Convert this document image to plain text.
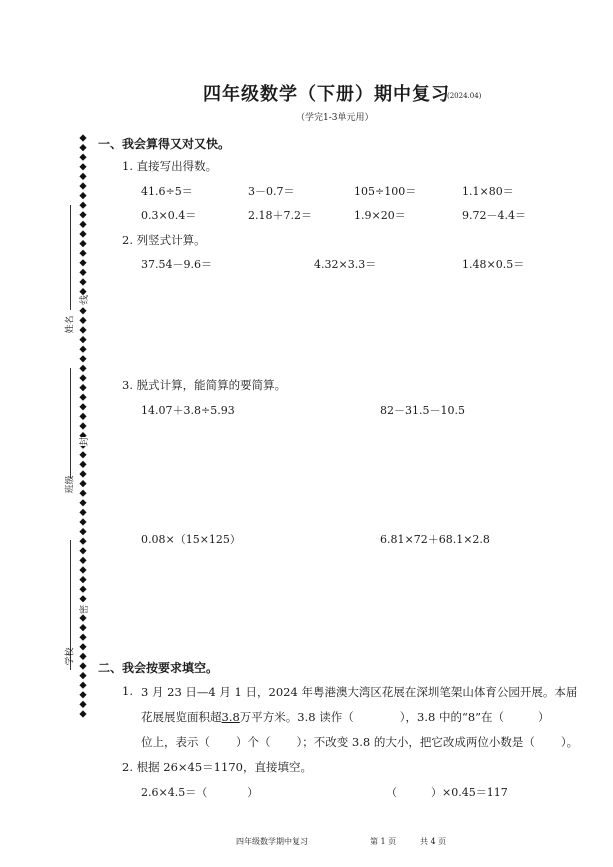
四年级数学（下册）期中复习
(2024.04)
（学完1-3单元用）
姓名
班级
学校
线
封
密
一、我会算得又对又快。
1. 直接写出得数。
41.6÷5＝	3－0.7＝	105÷100＝	1.1×80＝
0.3×0.4＝	2.18＋7.2＝	1.9×20＝	9.72－4.4＝
2. 列竖式计算。
37.54－9.6＝	4.32×3.3＝	1.48×0.5＝
3. 脱式计算，能简算的要简算。
14.07＋3.8÷5.93	82－31.5－10.5
0.08×（15×125）	6.81×72＋68.1×2.8
二、我会按要求填空。
1. 3 月 23 日—4 月 1 日，2024 年粤港澳大湾区花展在深圳笔架山体育公园开展。本届
花展展览面积超3.8万平方米。3.8 读作（	），3.8 中的“8”在（	）
位上，表示（ ）个（ ）；不改变 3.8 的大小，把它改成两位小数是（ ）。
2. 根据 26×45＝1170，直接填空。
2.6×4.5＝（	）	（	）×0.45＝117
四年级数学期中复习	第 1 页	共 4 页
